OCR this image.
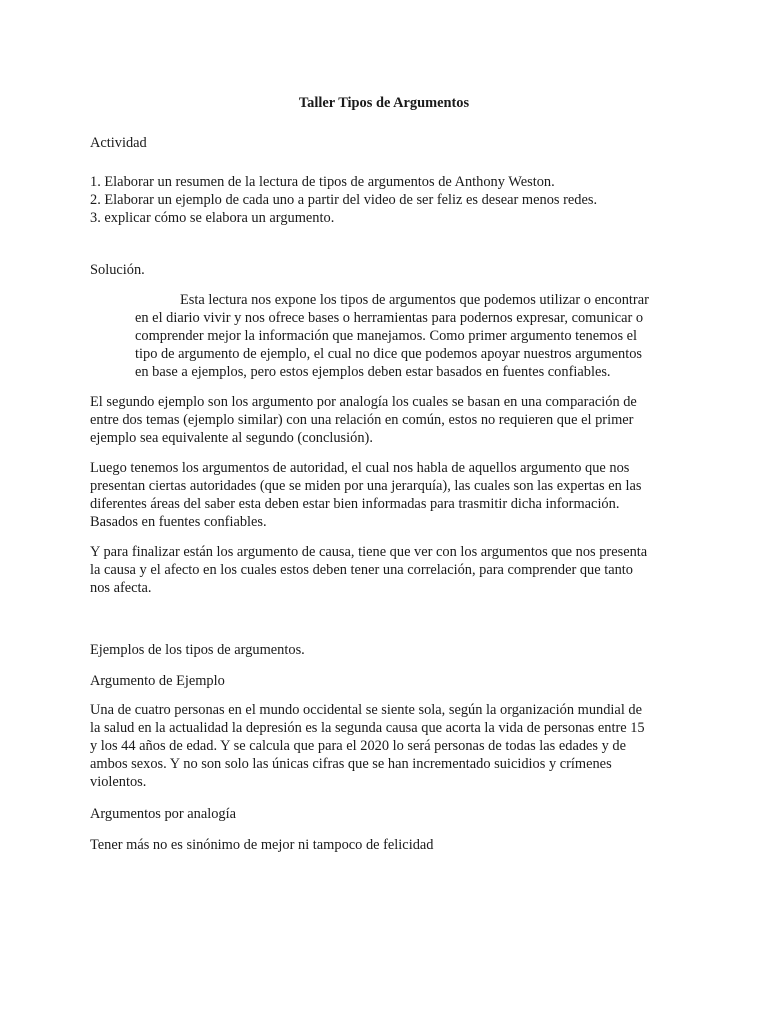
Taller Tipos de Argumentos
Actividad
1. Elaborar un resumen de la lectura de tipos de argumentos de Anthony Weston.
2. Elaborar un ejemplo de cada uno a partir del video de ser feliz es desear menos redes.
3. explicar cómo se elabora un argumento.
Solución.
Esta lectura nos expone los tipos de argumentos que podemos utilizar o encontrar
en el diario vivir y nos ofrece bases o herramientas para podernos expresar, comunicar o
comprender mejor la información que manejamos. Como primer argumento tenemos el
tipo de argumento de ejemplo, el cual no dice que podemos apoyar nuestros argumentos
en base a ejemplos, pero estos ejemplos deben estar basados en fuentes confiables.
El segundo ejemplo son los argumento por analogía los cuales se basan en una comparación de
entre dos temas (ejemplo similar) con una relación en común, estos no requieren que el primer
ejemplo sea equivalente al segundo (conclusión).
Luego tenemos los argumentos de autoridad, el cual nos habla de aquellos argumento que nos
presentan ciertas autoridades (que se miden por una jerarquía), las cuales son las expertas en las
diferentes áreas del saber esta deben estar bien informadas para trasmitir dicha información.
Basados en fuentes confiables.
Y para finalizar están los argumento de causa, tiene que ver con los argumentos que nos presenta
la causa y el afecto en los cuales estos deben tener una correlación, para comprender que tanto
nos afecta.
Ejemplos de los tipos de argumentos.
Argumento de Ejemplo
Una de cuatro personas en el mundo occidental se siente sola, según la organización mundial de
la salud en la actualidad la depresión es la segunda causa que acorta la vida de personas entre 15
y los 44 años de edad. Y se calcula que para el 2020 lo será personas de todas las edades y de
ambos sexos. Y no son solo las únicas cifras que se han incrementado suicidios y crímenes
violentos.
Argumentos por analogía
Tener más no es sinónimo de mejor ni tampoco de felicidad
